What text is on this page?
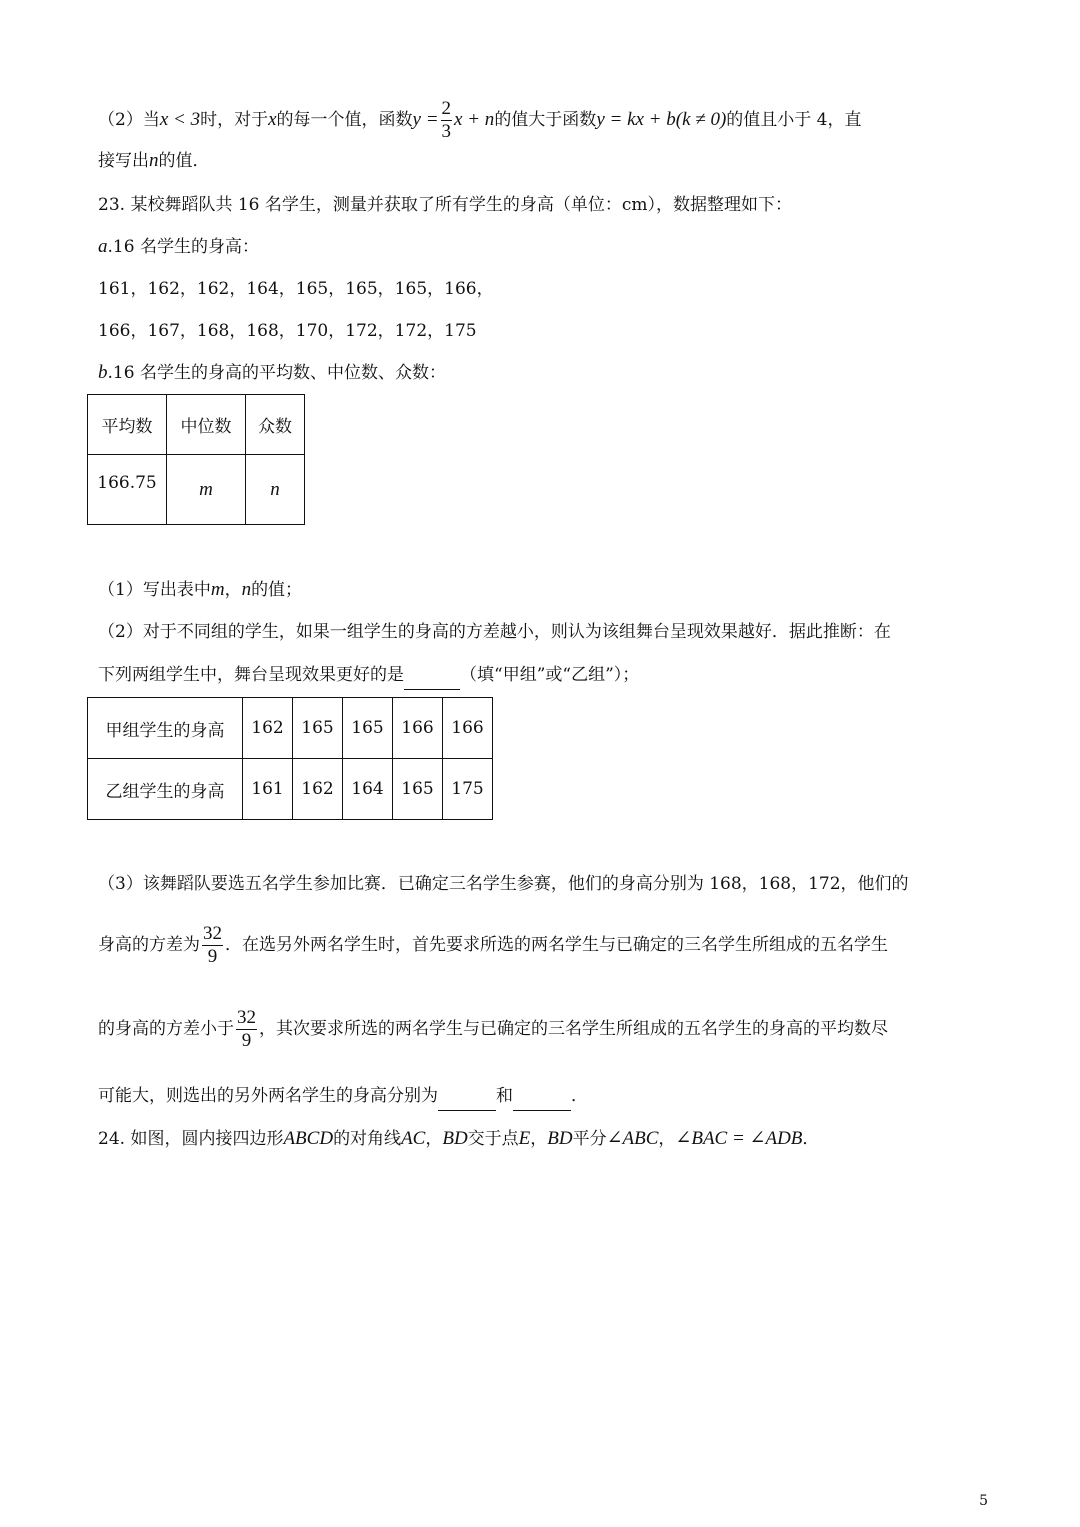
（2）当x < 3时，对于x的每一个值，函数$y = \frac{2}{3}$ x + n的值大于函数y = kx + b(k ≠ 0)的值且小于 4，直
接写出n的值．
23. 某校舞蹈队共 16 名学生，测量并获取了所有学生的身高（单位：cm），数据整理如下：
a.16 名学生的身高：
161，162，162，164，165，165，165，166，
166，167，168，168，170，172，172，175
b.16 名学生的身高的平均数、中位数、众数：
平均数	中位数	众数
166.75	m	n
（1）写出表中m，n的值；
（2）对于不同组的学生，如果一组学生的身高的方差越小，则认为该组舞台呈现效果越好．据此推断：在
下列两组学生中，舞台呈现效果更好的是	（填“甲组”或“乙组”）；
甲组学生的身高	162	165	165	166	166
乙组学生的身高	161	162	164	165	175
（3）该舞蹈队要选五名学生参加比赛．已确定三名学生参赛，他们的身高分别为 168，168，172，他们的
身高的方差为 $\frac{32}{9}$ ．在选另外两名学生时，首先要求所选的两名学生与已确定的三名学生所组成的五名学生
的身高的方差小于 $\frac{32}{9}$ ，其次要求所选的两名学生与已确定的三名学生所组成的五名学生的身高的平均数尽
可能大，则选出的另外两名学生的身高分别为	和	．
24. 如图，圆内接四边形ABCD的对角线AC，BD交于点E，BD平分∠ABC，∠BAC = ∠ADB．
5
